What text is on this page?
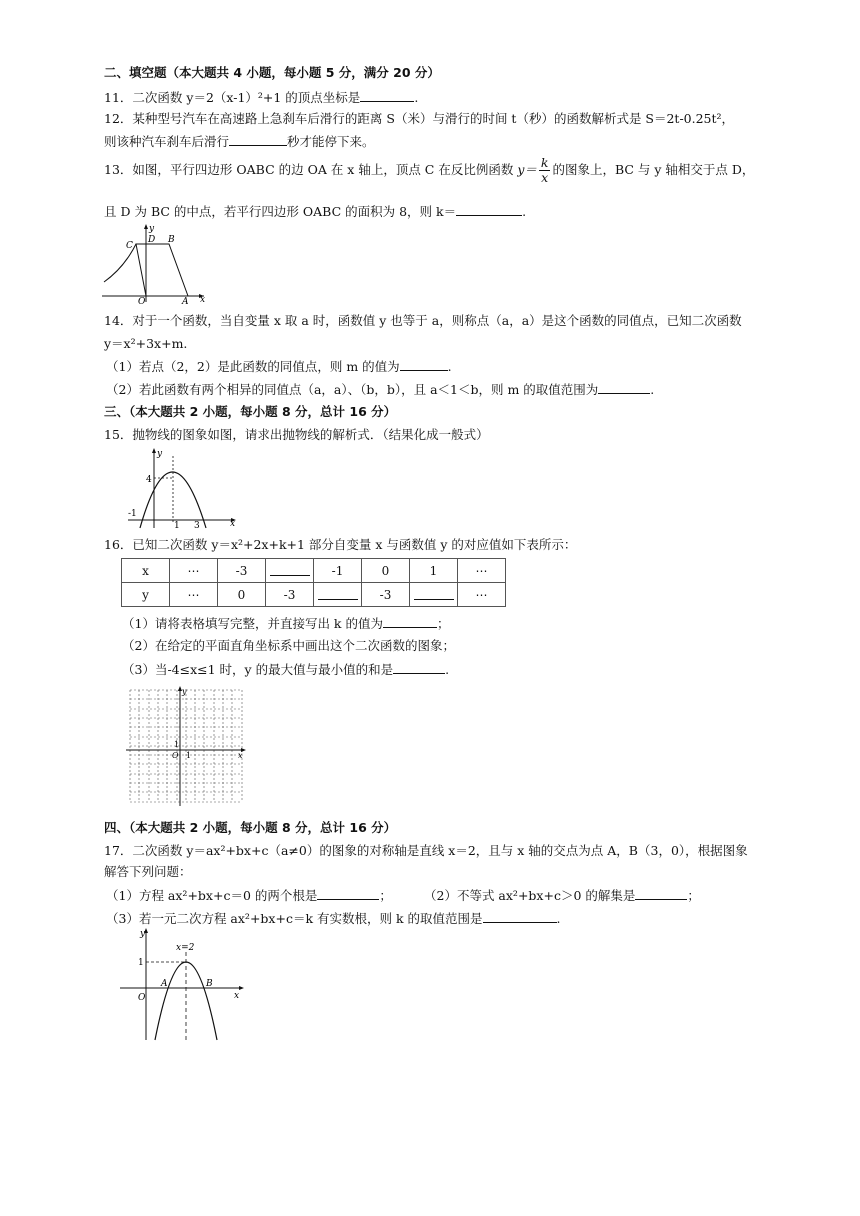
二、填空题（本大题共 4 小题，每小题 5 分，满分 20 分）
11．二次函数 y＝2（x-1）²+1 的顶点坐标是	.
12．某种型号汽车在高速路上急刹车后滑行的距离 S（米）与滑行的时间 t（秒）的函数解析式是 S＝2t-0.25t²，
则该种汽车刹车后滑行	秒才能停下来。
13．如图，平行四边形 OABC 的边 OA 在 x 轴上，顶点 C 在反比例函数 $y= \frac{k}{x}$ 的图象上，BC 与 y 轴相交于点 D，
且 D 为 BC 的中点，若平行四边形 OABC 的面积为 8，则 k＝	.
y
x
C
D B
O	A
14．对于一个函数，当自变量 x 取 a 时，函数值 y 也等于 a，则称点（a，a）是这个函数的同值点，已知二次函数
y＝x²+3x+m.
（1）若点（2，2）是此函数的同值点，则 m 的值为	.
（2）若此函数有两个相异的同值点（a，a）、（b，b），且 a＜1＜b，则 m 的取值范围为	.
三、（本大题共 2 小题，每小题 8 分，总计 16 分）
15．抛物线的图象如图，请求出抛物线的解析式．（结果化成一般式）
y
x
4
-1
1 3
16．已知二次函数 y＝x²+2x+k+1 部分自变量 x 与函数值 y 的对应值如下表所示：
x	⋯	-3		-1	0	1	⋯
y	⋯	0	-3		-3		⋯
（1）请将表格填写完整，并直接写出 k 的值为	；
（2）在给定的平面直角坐标系中画出这个二次函数的图象；
（3）当-4≤x≤1 时，y 的最大值与最小值的和是	.
y
x
O 1
1
四、（本大题共 2 小题，每小题 8 分，总计 16 分）
17．二次函数 y＝ax²+bx+c（a≠0）的图象的对称轴是直线 x＝2，且与 x 轴的交点为点 A，B（3，0），根据图象
解答下列问题：
（1）方程 ax²+bx+c＝0 的两个根是	；	（2）不等式 ax²+bx+c＞0 的解集是	；
（3）若一元二次方程 ax²+bx+c＝k 有实数根，则 k 的取值范围是	.
y
x
x=2
1
O
A	B
